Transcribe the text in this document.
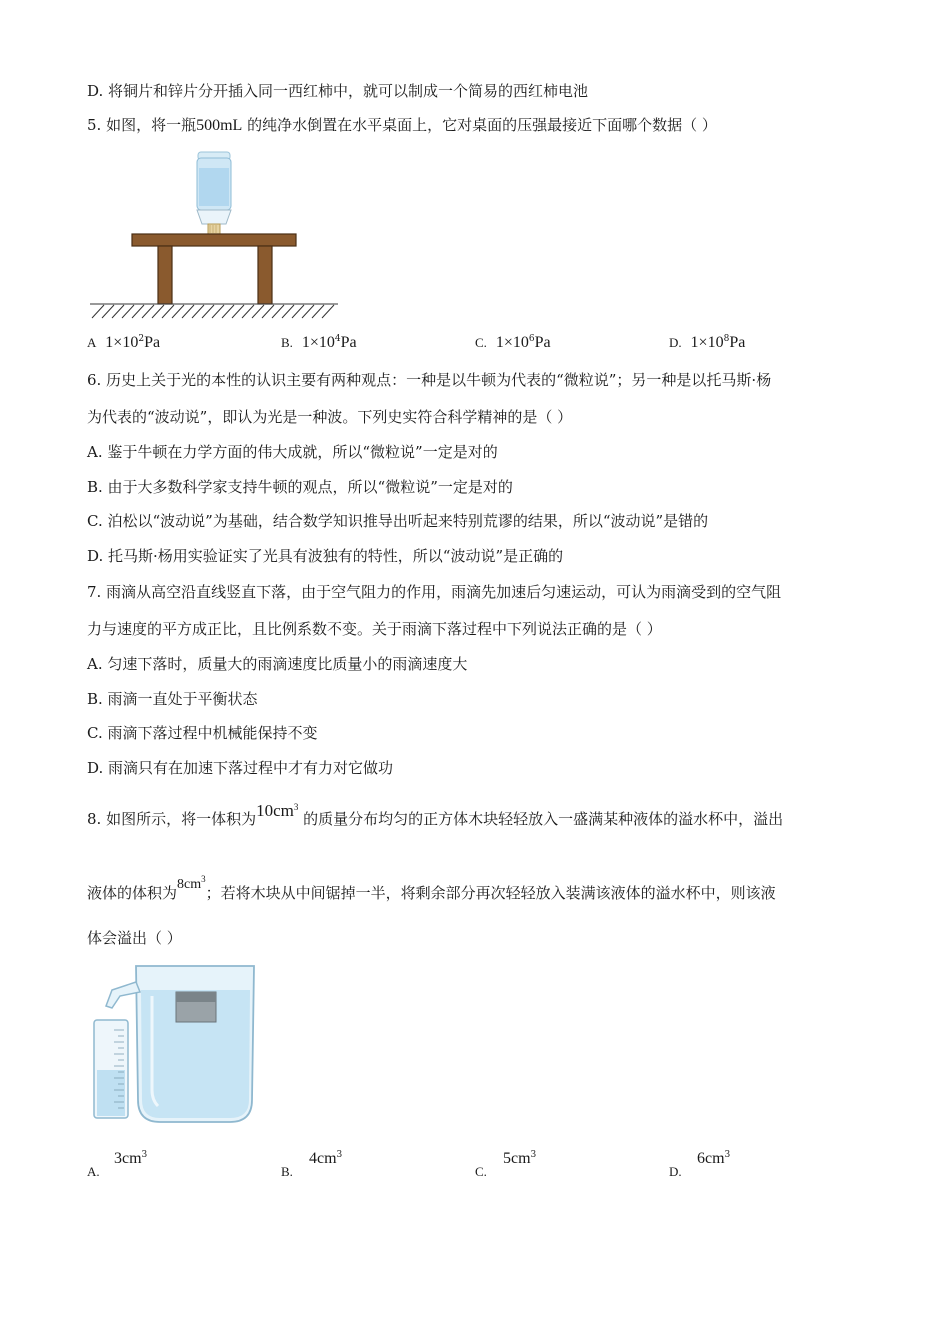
D. 将铜片和锌片分开插入同一西红柿中，就可以制成一个简易的西红柿电池
5. 如图，将一瓶500mL 的纯净水倒置在水平桌面上，它对桌面的压强最接近下面哪个数据（ ）
A $1\times 10^2Pa$	B. $1\times 10^4Pa$	C. $1\times 10^6Pa$	D. $1\times 10^8Pa$
6. 历史上关于光的本性的认识主要有两种观点：一种是以牛顿为代表的“微粒说”；另一种是以托马斯·杨
为代表的“波动说”，即认为光是一种波。下列史实符合科学精神的是（ ）
A. 鉴于牛顿在力学方面的伟大成就，所以“微粒说”一定是对的
B. 由于大多数科学家支持牛顿的观点，所以“微粒说”一定是对的
C. 泊松以“波动说”为基础，结合数学知识推导出听起来特别荒谬的结果，所以“波动说”是错的
D. 托马斯·杨用实验证实了光具有波独有的特性，所以“波动说”是正确的
7. 雨滴从高空沿直线竖直下落，由于空气阻力的作用，雨滴先加速后匀速运动，可认为雨滴受到的空气阻
力与速度的平方成正比，且比例系数不变。关于雨滴下落过程中下列说法正确的是（ ）
A. 匀速下落时，质量大的雨滴速度比质量小的雨滴速度大
B. 雨滴一直处于平衡状态
C. 雨滴下落过程中机械能保持不变
D. 雨滴只有在加速下落过程中才有力对它做功
8. 如图所示，将一体积为$10cm^3$ 的质量分布均匀的正方体木块轻轻放入一盛满某种液体的溢水杯中，溢出
液体的体积为$8cm^3$；若将木块从中间锯掉一半，将剩余部分再次轻轻放入装满该液体的溢水杯中，则该液
体会溢出（ ）
A.
$3cm^3$
B.
$4cm^3$
C.
$5cm^3$
D.
$6cm^3$
